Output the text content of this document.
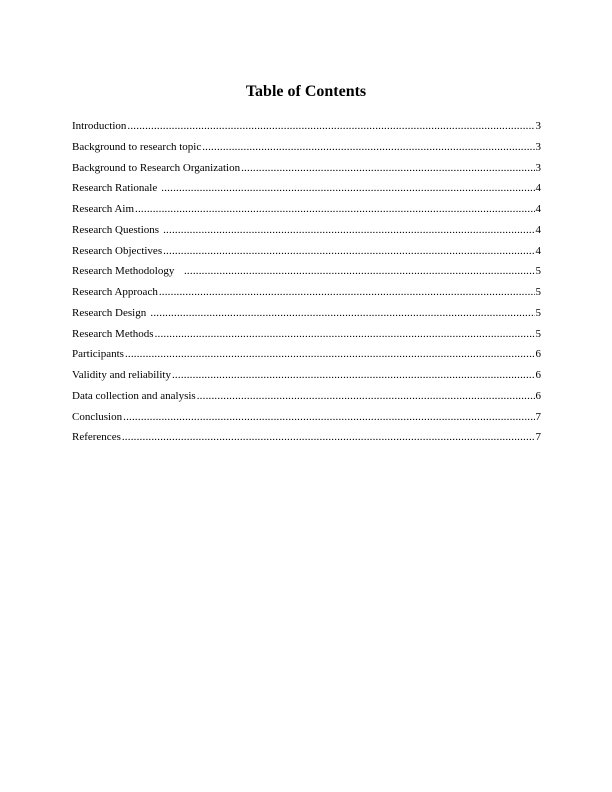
Table of Contents
Introduction .....	3
Background to research topic .....	3
Background to Research Organization .....	3
Research Rationale .....	4
Research Aim .....	4
Research Questions .....	4
Research Objectives .....	4
Research Methodology .....	5
Research Approach .....	5
Research Design .....	5
Research Methods .....	5
Participants .....	6
Validity and reliability .....	6
Data collection and analysis .....	6
Conclusion .....	7
References .....	7
